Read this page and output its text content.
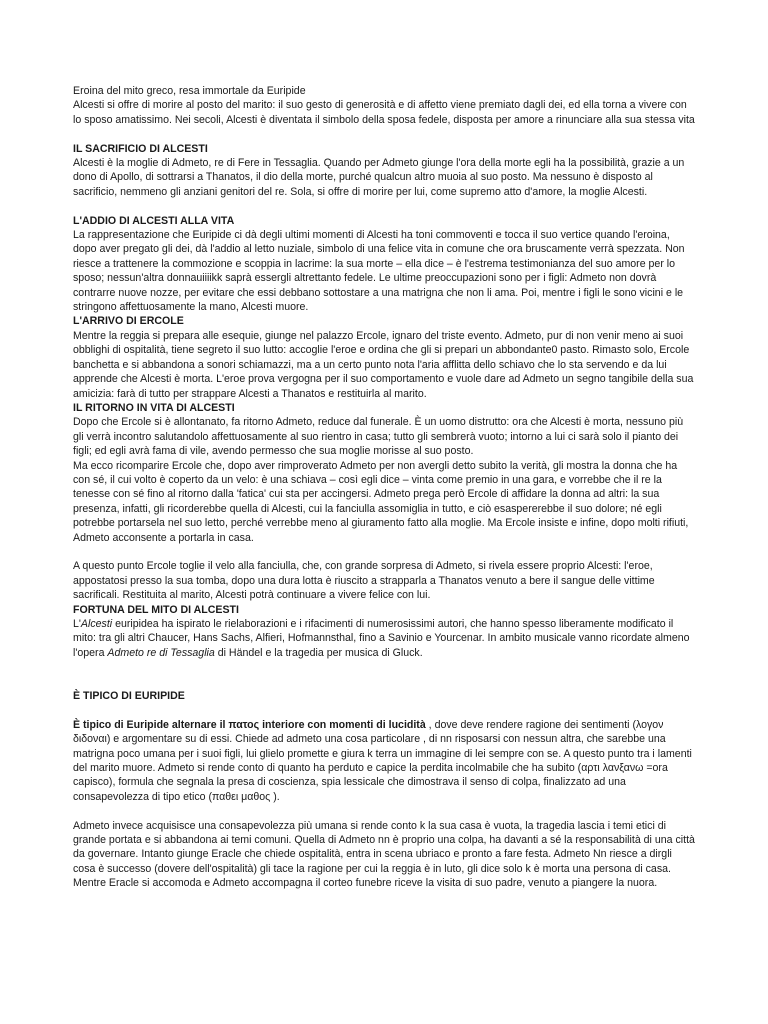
Eroina del mito greco, resa immortale da Euripide

Alcesti si offre di morire al posto del marito: il suo gesto di generosità e di affetto viene premiato dagli dei, ed ella torna a vivere con lo sposo amatissimo. Nei secoli, Alcesti è diventata il simbolo della sposa fedele, disposta per amore a rinunciare alla sua stessa vita

IL SACRIFICIO DI ALCESTI

Alcesti è la moglie di Admeto, re di Fere in Tessaglia. Quando per Admeto giunge l'ora della morte egli ha la possibilità, grazie a un dono di Apollo, di sottrarsi a Thanatos, il dio della morte, purché qualcun altro muoia al suo posto. Ma nessuno è disposto al sacrificio, nemmeno gli anziani genitori del re. Sola, si offre di morire per lui, come supremo atto d'amore, la moglie Alcesti.

L'ADDIO DI ALCESTI ALLA VITA

La rappresentazione che Euripide ci dà degli ultimi momenti di Alcesti ha toni commoventi e tocca il suo vertice quando l'eroina, dopo aver pregato gli dei, dà l'addio al letto nuziale, simbolo di una felice vita in comune che ora bruscamente verrà spezzata. Non riesce a trattenere la commozione e scoppia in lacrime: la sua morte – ella dice – è l'estrema testimonianza del suo amore per lo sposo; nessun'altra donnauiiiikk saprà essergli altrettanto fedele. Le ultime preoccupazioni sono per i figli: Admeto non dovrà contrarre nuove nozze, per evitare che essi debbano sottostare a una matrigna che non li ama. Poi, mentre i figli le sono vicini e le stringono affettuosamente la mano, Alcesti muore.

L'ARRIVO DI ERCOLE

Mentre la reggia si prepara alle esequie, giunge nel palazzo Ercole, ignaro del triste evento. Admeto, pur di non venir meno ai suoi obblighi di ospitalità, tiene segreto il suo lutto: accoglie l'eroe e ordina che gli si prepari un abbondante0 pasto. Rimasto solo, Ercole banchetta e si abbandona a sonori schiamazzi, ma a un certo punto nota l'aria afflitta dello schiavo che lo sta servendo e da lui apprende che Alcesti è morta. L'eroe prova vergogna per il suo comportamento e vuole dare ad Admeto un segno tangibile della sua amicizia: farà di tutto per strappare Alcesti a Thanatos e restituirla al marito.

IL RITORNO IN VITA DI ALCESTI

Dopo che Ercole si è allontanato, fa ritorno Admeto, reduce dal funerale. È un uomo distrutto: ora che Alcesti è morta, nessuno più gli verrà incontro salutandolo affettuosamente al suo rientro in casa; tutto gli sembrerà vuoto; intorno a lui ci sarà solo il pianto dei figli; ed egli avrà fama di vile, avendo permesso che sua moglie morisse al suo posto.

Ma ecco ricomparire Ercole che, dopo aver rimproverato Admeto per non avergli detto subito la verità, gli mostra la donna che ha con sé, il cui volto è coperto da un velo: è una schiava – così egli dice – vinta come premio in una gara, e vorrebbe che il re la tenesse con sé fino al ritorno dalla 'fatica' cui sta per accingersi. Admeto prega però Ercole di affidare la donna ad altri: la sua presenza, infatti, gli ricorderebbe quella di Alcesti, cui la fanciulla assomiglia in tutto, e ciò esaspererebbe il suo dolore; né egli potrebbe portarsela nel suo letto, perché verrebbe meno al giuramento fatto alla moglie. Ma Ercole insiste e infine, dopo molti rifiuti, Admeto acconsente a portarla in casa.

A questo punto Ercole toglie il velo alla fanciulla, che, con grande sorpresa di Admeto, si rivela essere proprio Alcesti: l'eroe, appostatosi presso la sua tomba, dopo una dura lotta è riuscito a strapparla a Thanatos venuto a bere il sangue delle vittime sacrificali. Restituita al marito, Alcesti potrà continuare a vivere felice con lui.

FORTUNA DEL MITO DI ALCESTI

L'Alcesti euripidea ha ispirato le rielaborazioni e i rifacimenti di numerosissimi autori, che hanno spesso liberamente modificato il mito: tra gli altri Chaucer, Hans Sachs, Alfieri, Hofmannsthal, fino a Savinio e Yourcenar. In ambito musicale vanno ricordate almeno l'opera Admeto re di Tessaglia di Händel e la tragedia per musica di Gluck.

È TIPICO DI EURIPIDE

È tipico di Euripide alternare il πατος interiore con momenti di lucidità , dove deve rendere ragione dei sentimenti (λογον διδοναι) e argomentare su di essi. Chiede ad admeto una cosa particolare , di nn risposarsi con nessun altra, che sarebbe una matrigna poco umana per i suoi figli, lui glielo promette e giura k terra un immagine di lei sempre con se. A questo punto tra i lamenti del marito muore. Admeto si rende conto di quanto ha perduto e capice la perdita incolmabile che ha subito (αρτι λανξανω =ora capisco), formula che segnala la presa di coscienza, spia lessicale che dimostrava il senso di colpa, finalizzato ad una consapevolezza di tipo etico (παθει μαθος ).

Admeto invece acquisisce una consapevolezza più umana si rende conto k la sua casa è vuota, la tragedia lascia i temi etici di grande portata e si abbandona ai temi comuni. Quella di Admeto nn è proprio una colpa, ha davanti a sé la responsabilità di una città da governare. Intanto giunge Eracle che chiede ospitalità, entra in scena ubriaco e pronto a fare festa. Admeto Nn riesce a dirgli cosa è successo (dovere dell'ospitalità) gli tace la ragione per cui la reggia è in luto, gli dice solo k è morta una persona di casa. Mentre Eracle si accomoda e Admeto accompagna il corteo funebre riceve la visita di suo padre, venuto a piangere la nuora.
